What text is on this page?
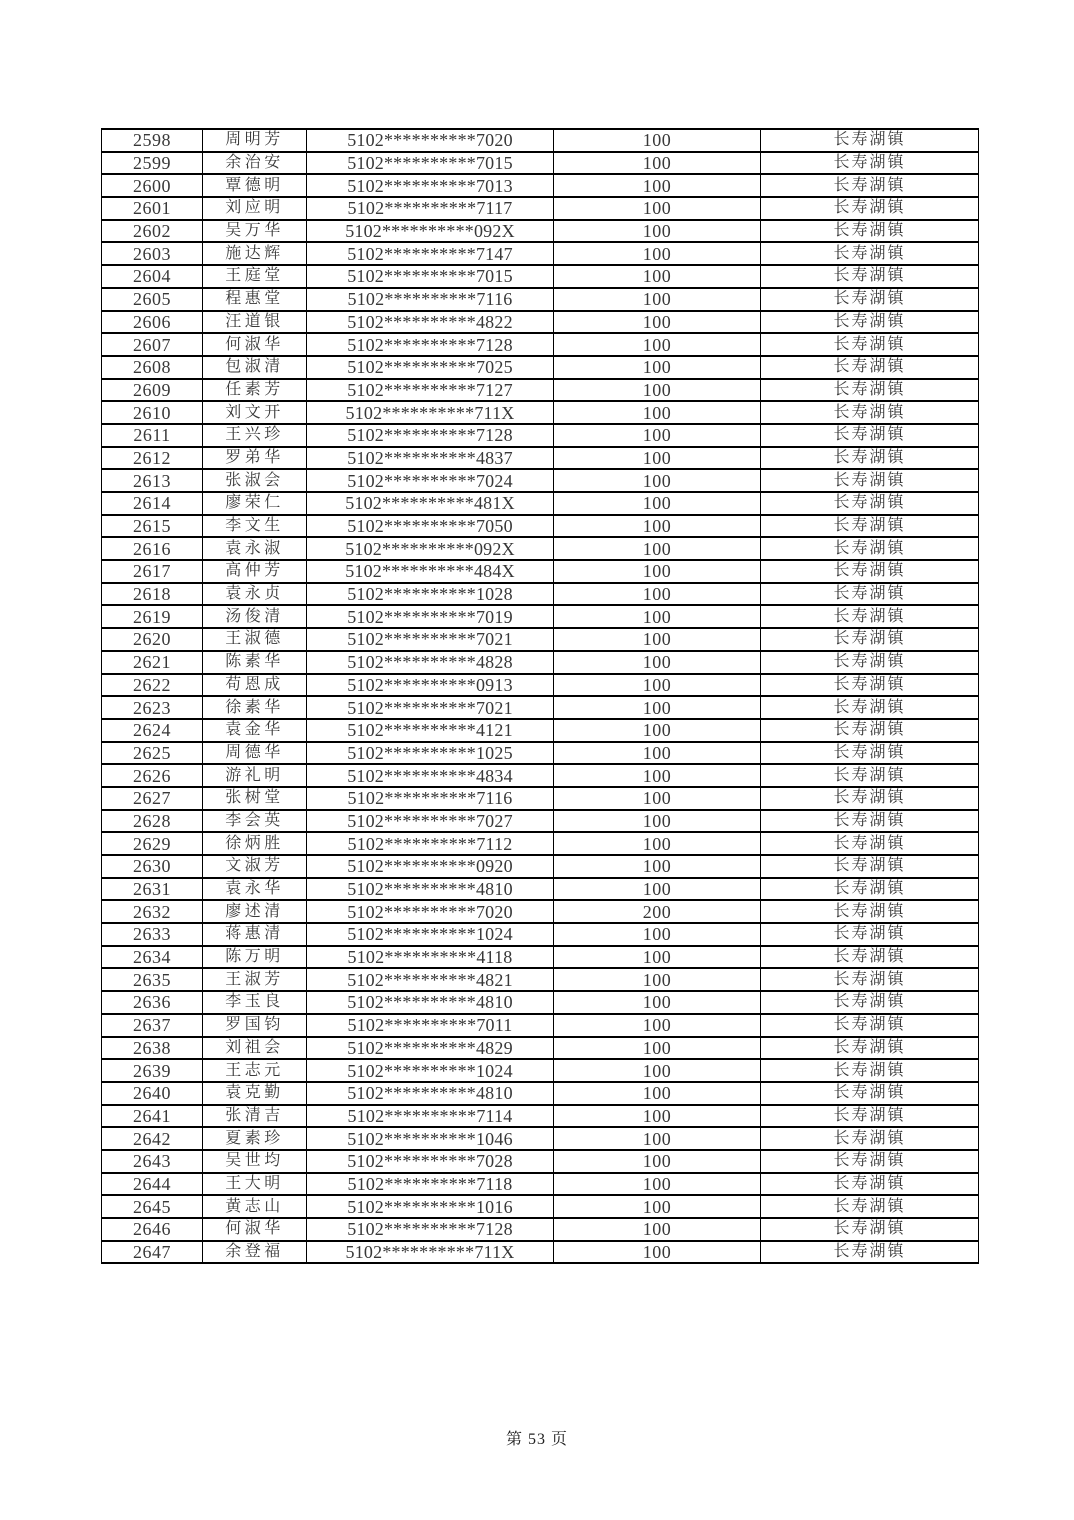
2598	周明芳	5102**********7020	100	长寿湖镇
2599	余治安	5102**********7015	100	长寿湖镇
2600	覃德明	5102**********7013	100	长寿湖镇
2601	刘应明	5102**********7117	100	长寿湖镇
2602	吴万华	5102**********092X	100	长寿湖镇
2603	施达辉	5102**********7147	100	长寿湖镇
2604	王庭堂	5102**********7015	100	长寿湖镇
2605	程惠堂	5102**********7116	100	长寿湖镇
2606	汪道银	5102**********4822	100	长寿湖镇
2607	何淑华	5102**********7128	100	长寿湖镇
2608	包淑清	5102**********7025	100	长寿湖镇
2609	任素芳	5102**********7127	100	长寿湖镇
2610	刘文开	5102**********711X	100	长寿湖镇
2611	王兴珍	5102**********7128	100	长寿湖镇
2612	罗弟华	5102**********4837	100	长寿湖镇
2613	张淑会	5102**********7024	100	长寿湖镇
2614	廖荣仁	5102**********481X	100	长寿湖镇
2615	李文生	5102**********7050	100	长寿湖镇
2616	袁永淑	5102**********092X	100	长寿湖镇
2617	高仲芳	5102**********484X	100	长寿湖镇
2618	袁永贞	5102**********1028	100	长寿湖镇
2619	汤俊清	5102**********7019	100	长寿湖镇
2620	王淑德	5102**********7021	100	长寿湖镇
2621	陈素华	5102**********4828	100	长寿湖镇
2622	苟恩成	5102**********0913	100	长寿湖镇
2623	徐素华	5102**********7021	100	长寿湖镇
2624	袁金华	5102**********4121	100	长寿湖镇
2625	周德华	5102**********1025	100	长寿湖镇
2626	游礼明	5102**********4834	100	长寿湖镇
2627	张树堂	5102**********7116	100	长寿湖镇
2628	李会英	5102**********7027	100	长寿湖镇
2629	徐炳胜	5102**********7112	100	长寿湖镇
2630	文淑芳	5102**********0920	100	长寿湖镇
2631	袁永华	5102**********4810	100	长寿湖镇
2632	廖述清	5102**********7020	200	长寿湖镇
2633	蒋惠清	5102**********1024	100	长寿湖镇
2634	陈万明	5102**********4118	100	长寿湖镇
2635	王淑芳	5102**********4821	100	长寿湖镇
2636	李玉良	5102**********4810	100	长寿湖镇
2637	罗国钧	5102**********7011	100	长寿湖镇
2638	刘祖会	5102**********4829	100	长寿湖镇
2639	王志元	5102**********1024	100	长寿湖镇
2640	袁克勤	5102**********4810	100	长寿湖镇
2641	张清吉	5102**********7114	100	长寿湖镇
2642	夏素珍	5102**********1046	100	长寿湖镇
2643	吴世均	5102**********7028	100	长寿湖镇
2644	王大明	5102**********7118	100	长寿湖镇
2645	黄志山	5102**********1016	100	长寿湖镇
2646	何淑华	5102**********7128	100	长寿湖镇
2647	余登福	5102**********711X	100	长寿湖镇
第 53 页
